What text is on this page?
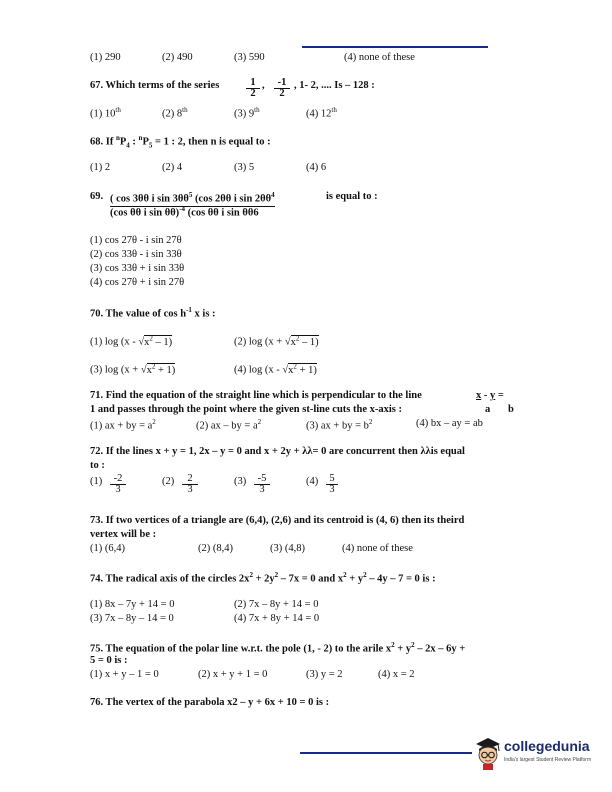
(1) 290	(2) 490	(3) 590	(4) none of these
67. Which terms of the series	$\frac{1}{2}$ , $\frac{-1}{2}$ , 1- 2, .... Is – 128 :
(1) 10th	(2) 8th	(3) 9th	(4) 12th
68. If $^nP_4$ : $^nP_5 = 1$ : 2, then n is equal to :
(1) 2	(2) 4	(3) 5	(4) 6
69. ( cos 3θθ i $\sin 3\theta\theta^5$ (cos 2θθ i $\sin 2\theta\theta^4$
(cos θθ i sin θθ)$^{-4}$ (cos θθ i sin θθ6
is equal to :
(1) cos 27θ - i sin 27θ
(2) cos 33θ - i sin 33θ
(3) cos 33θ + i sin 33θ
(4) cos 27θ + i sin 27θ
70. The value of $\cos h^{-1}$ x is :
(1) $\log (x - √x^2 - 1)$	(2) $\log (x + √x^2 - 1)$
(3) $\log (x + √x^2 + 1)$	(4) $\log (x - √x^2 + 1)$
71. Find the equation of the straight line which is perpendicular to the line	x - y =
1 and passes through the point where the given st-line cuts the x-axis :	a b
(1) ax + by = $a^2$	(2) ax – by = $a^2$	(3) ax + by = $b^2$	(4) bx – ay = ab
72. If the lines x + y = 1, 2x – y = 0 and x + 2y + λλ= 0 are concurrent then λλis equal
to :
$(1) \frac{-2}{3}$	$(2) \frac{2}{3}$	$(3) \frac{-5}{3}$	$(4) \frac{5}{3}$
73. If two vertices of a triangle are (6,4), (2,6) and its centroid is (4, 6) then its theird
vertex will be :
(1) (6,4)	(2) (8,4)	(3) (4,8)	(4) none of these
74. The radical axis of the circles $2x^2 + 2y^2 - 7x = 0$ and $x^2 + y^2 - 4y - 7 = 0$ is :
(1) 8x – 7y + 14 = 0	(2) 7x – 8y + 14 = 0
(3) 7x – 8y – 14 = 0	(4) 7x + 8y + 14 = 0
75. The equation of the polar line w.r.t. the pole (1, - 2) to the arile $x^2 + y^2 - 2x - 6y$ +
5 = 0 is :
(1) x + y – 1 = 0	(2) x + y + 1 = 0	(3) y = 2	(4) x = 2
76. The vertex of the parabola x2 – y + 6x + 10 = 0 is :
collegedunia
India's largest Student Review Platform
